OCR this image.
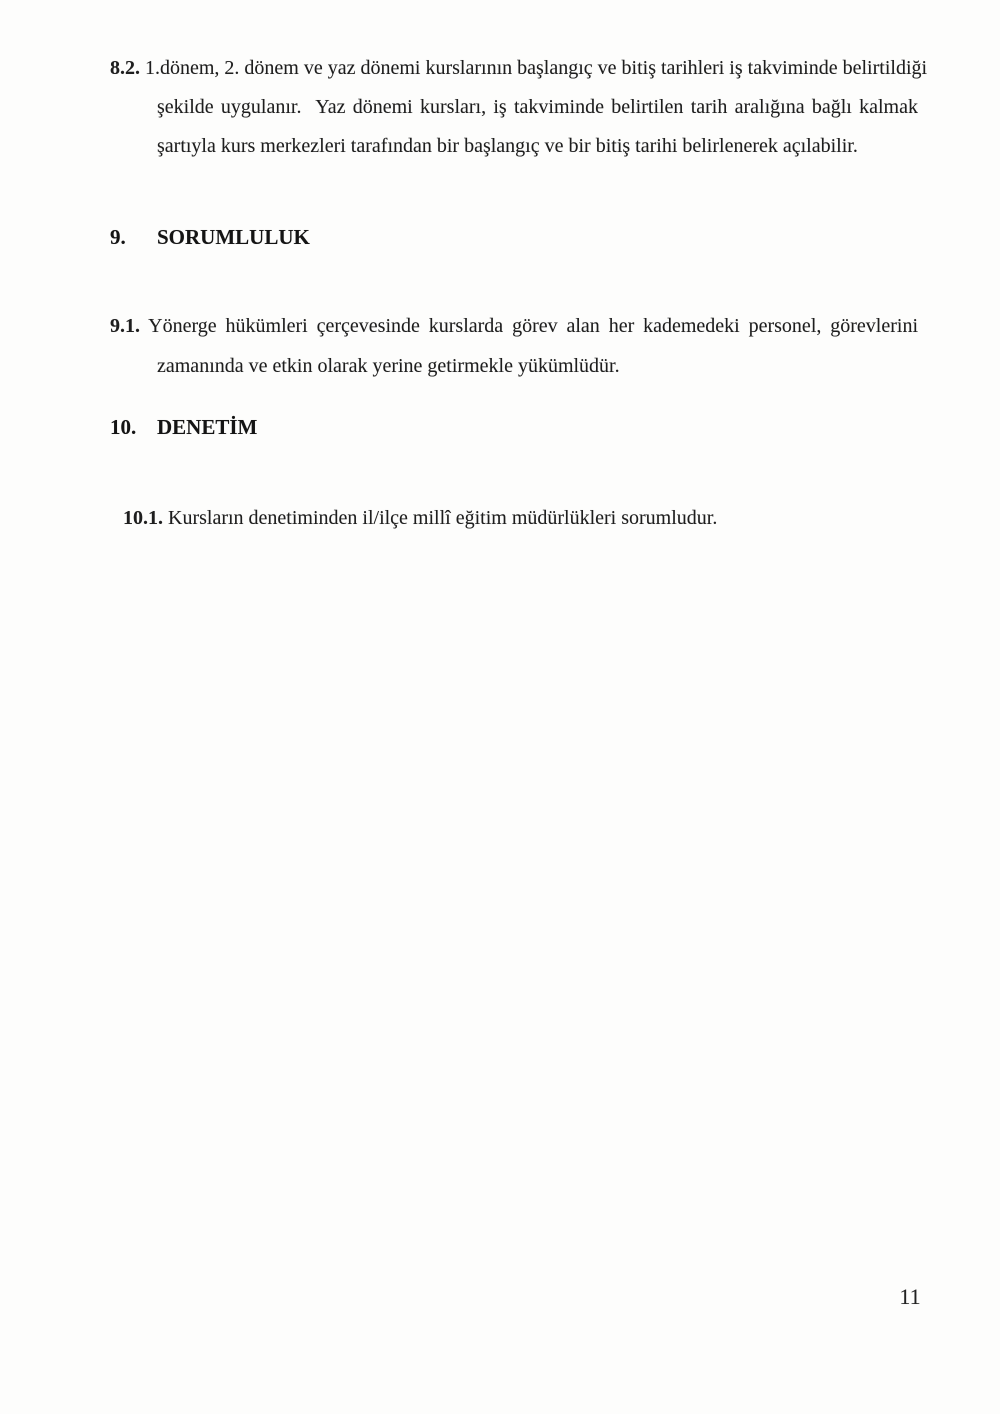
8.2. 1.dönem, 2. dönem ve yaz dönemi kurslarının başlangıç ve bitiş tarihleri iş takviminde belirtildiği
şekilde uygulanır.  Yaz dönemi kursları, iş takviminde belirtilen tarih aralığına bağlı kalmak
şartıyla kurs merkezleri tarafından bir başlangıç ve bir bitiş tarihi belirlenerek açılabilir.
9. SORUMLULUK
9.1. Yönerge hükümleri çerçevesinde kurslarda görev alan her kademedeki personel, görevlerini
zamanında ve etkin olarak yerine getirmekle yükümlüdür.
10. DENETİM
10.1. Kursların denetiminden il/ilçe millî eğitim müdürlükleri sorumludur.
11
